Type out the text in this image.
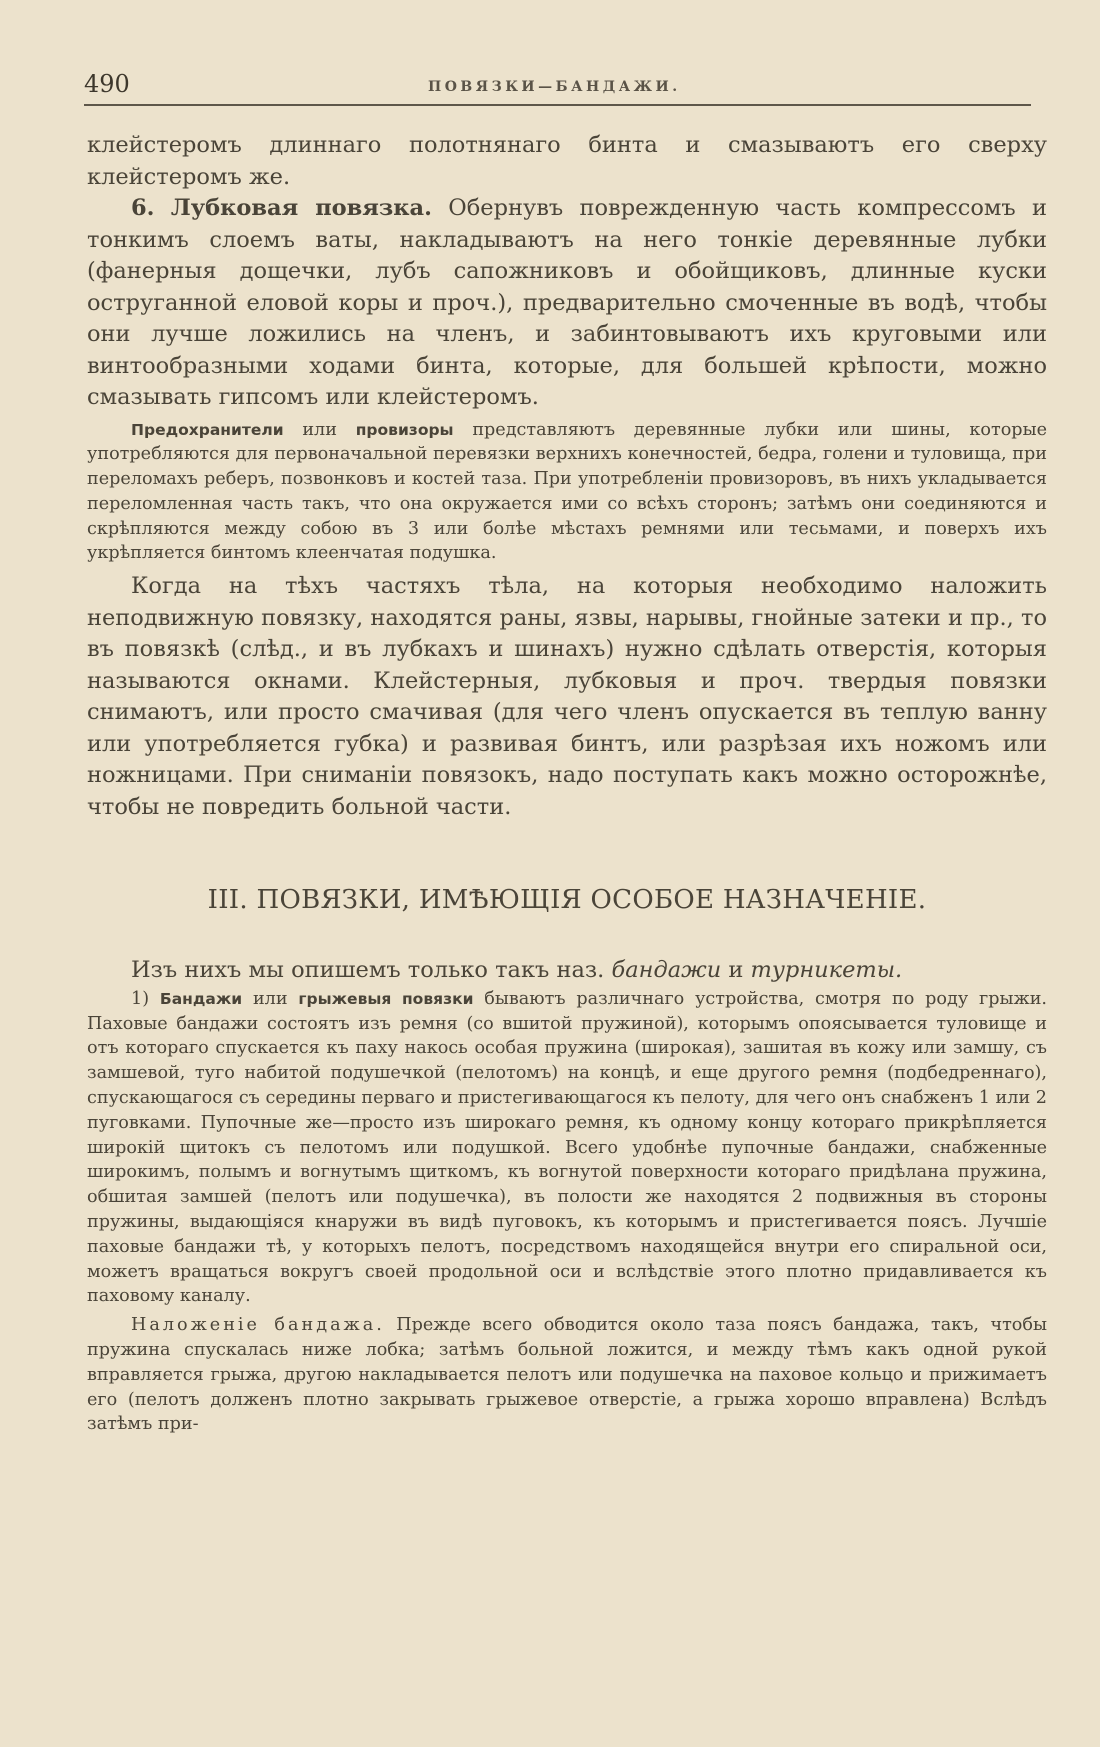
490	ПОВЯЗКИ—БАНДАЖИ.

клейстеромъ длиннаго полотнянаго бинта и смазываютъ его сверху клейстеромъ же.

6. Лубковая повязка. Обернувъ поврежденную часть компрессомъ и тонкимъ слоемъ ваты, накладываютъ на него тонкіе деревянные лубки (фанерныя дощечки, лубъ сапожниковъ и обойщиковъ, длинные куски оструганной еловой коры и проч.), предварительно смоченные въ водѣ, чтобы они лучше ложились на членъ, и забинтовываютъ ихъ круговыми или винтообразными ходами бинта, которые, для большей крѣпости, можно смазывать гипсомъ или клейстеромъ.

Предохранители или провизоры представляютъ деревянные лубки или шины, которые употребляются для первоначальной перевязки верхнихъ конечностей, бедра, голени и туловища, при переломахъ реберъ, позвонковъ и костей таза. При употребленіи провизоровъ, въ нихъ укладывается переломленная часть такъ, что она окружается ими со всѣхъ сторонъ; затѣмъ они соединяются и скрѣпляются между собою въ 3 или болѣе мѣстахъ ремнями или тесьмами, и поверхъ ихъ укрѣпляется бинтомъ клеенчатая подушка.

Когда на тѣхъ частяхъ тѣла, на которыя необходимо наложить неподвижную повязку, находятся раны, язвы, нарывы, гнойные затеки и пр., то въ повязкѣ (слѣд., и въ лубкахъ и шинахъ) нужно сдѣлать отверстія, которыя называются окнами. Клейстерныя, лубковыя и проч. твердыя повязки снимаютъ, или просто смачивая (для чего членъ опускается въ теплую ванну или употребляется губка) и развивая бинтъ, или разрѣзая ихъ ножомъ или ножницами. При сниманіи повязокъ, надо поступать какъ можно осторожнѣе, чтобы не повредить больной части.

III. ПОВЯЗКИ, ИМѢЮЩІЯ ОСОБОЕ НАЗНАЧЕНІЕ.

Изъ нихъ мы опишемъ только такъ наз. бандажи и турникеты.

1) Бандажи или грыжевыя повязки бываютъ различнаго устройства, смотря по роду грыжи. Паховые бандажи состоятъ изъ ремня (со вшитой пружиной), которымъ опоясывается туловище и отъ котораго спускается къ паху накось особая пружина (широкая), зашитая въ кожу или замшу, съ замшевой, туго набитой подушечкой (пелотомъ) на концѣ, и еще другого ремня (подбедреннаго), спускающагося съ середины перваго и пристегивающагося къ пелоту, для чего онъ снабженъ 1 или 2 пуговками. Пупочные же—просто изъ широкаго ремня, къ одному концу котораго прикрѣпляется широкій щитокъ съ пелотомъ или подушкой. Всего удобнѣе пупочные бандажи, снабженные широкимъ, полымъ и вогнутымъ щиткомъ, къ вогнутой поверхности котораго придѣлана пружина, обшитая замшей (пелотъ или подушечка), въ полости же находятся 2 подвижныя въ стороны пружины, выдающіяся кнаружи въ видѣ пуговокъ, къ которымъ и пристегивается поясъ. Лучшіе паховые бандажи тѣ, у которыхъ пелотъ, посредствомъ находящейся внутри его спиральной оси, можетъ вращаться вокругъ своей продольной оси и вслѣдствіе этого плотно придавливается къ паховому каналу.

Наложеніе бандажа. Прежде всего обводится около таза поясъ бандажа, такъ, чтобы пружина спускалась ниже лобка; затѣмъ больной ложится, и между тѣмъ какъ одной рукой вправляется грыжа, другою накладывается пелотъ или подушечка на паховое кольцо и прижимаетъ его (пелотъ долженъ плотно закрывать грыжевое отверстіе, а грыжа хорошо вправлена) Вслѣдъ затѣмъ при-
